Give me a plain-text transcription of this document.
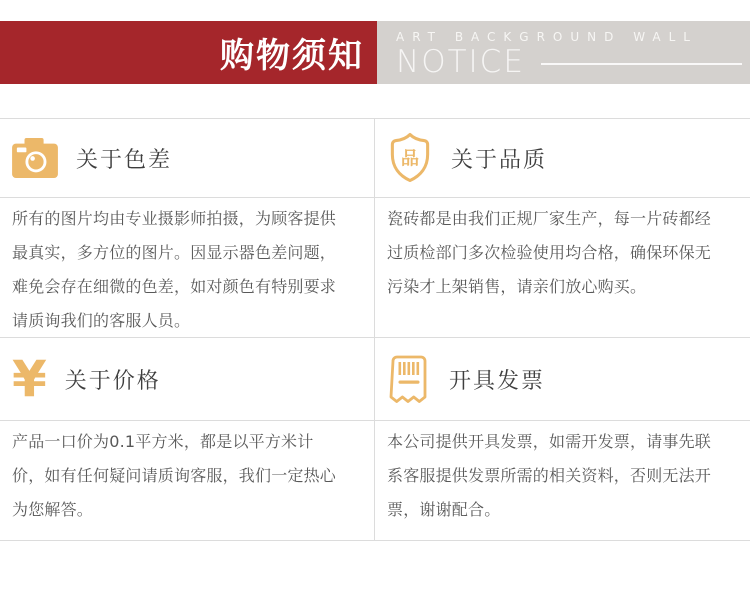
购物须知	ART BACKGROUND WALL
NOTICE
关于色差	品 关于品质
所有的图片均由专业摄影师拍摄，为顾客提供最真实，多方位的图片。因显示器色差问题，难免会存在细微的色差，如对颜色有特别要求请质询我们的客服人员。
瓷砖都是由我们正规厂家生产，每一片砖都经过质检部门多次检验使用均合格，确保环保无污染才上架销售，请亲们放心购买。
¥ 关于价格	开具发票
产品一口价为0.1平方米，都是以平方米计价，如有任何疑问请质询客服，我们一定热心为您解答。
本公司提供开具发票，如需开发票，请事先联系客服提供发票所需的相关资料，否则无法开票，谢谢配合。
